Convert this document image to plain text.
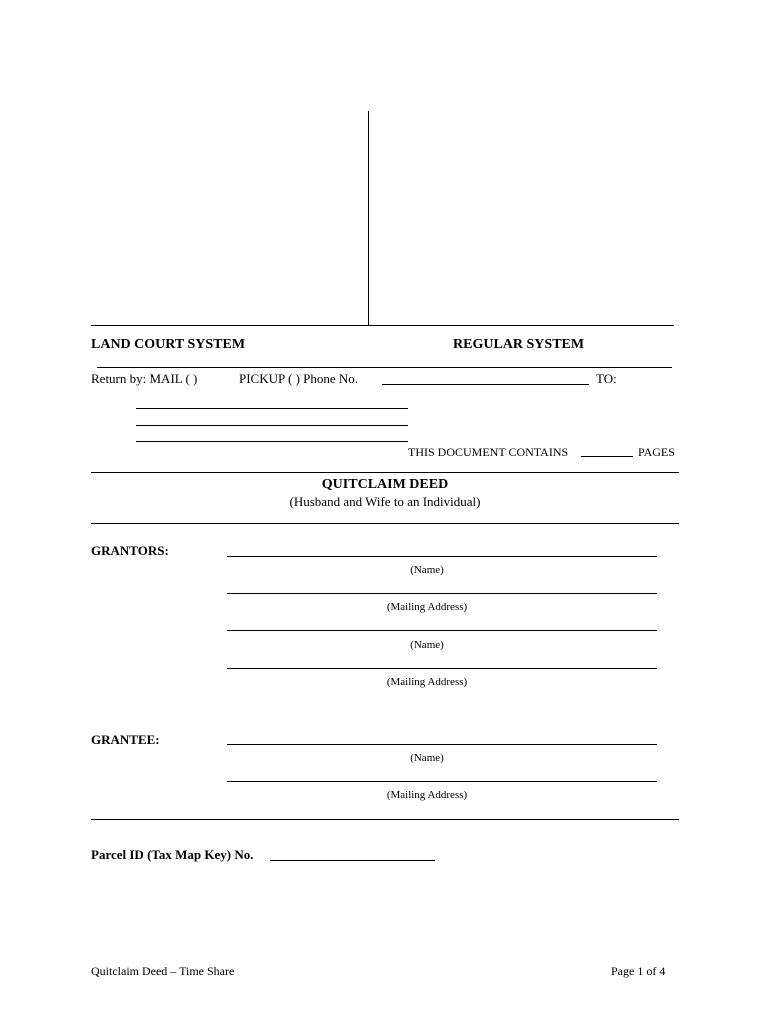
LAND COURT SYSTEM	REGULAR SYSTEM
Return by: MAIL ( )	PICKUP ( ) Phone No.	TO:
THIS DOCUMENT CONTAINS	PAGES
QUITCLAIM DEED
(Husband and Wife to an Individual)
GRANTORS:
(Name)
(Mailing Address)
(Name)
(Mailing Address)
GRANTEE:
(Name)
(Mailing Address)
Parcel ID (Tax Map Key) No.
Quitclaim Deed – Time Share	Page 1 of 4
